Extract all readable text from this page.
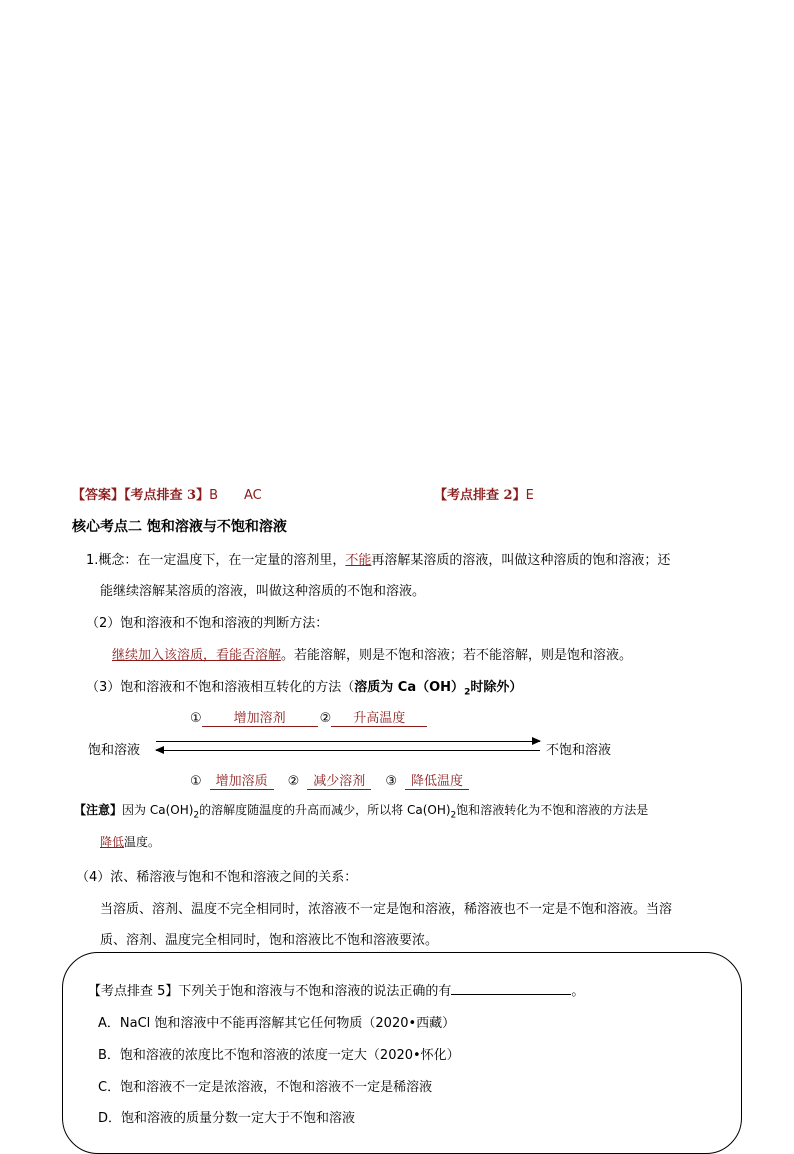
【答案】【考点排查 3】B AC	【考点排查 2】E
核心考点二 饱和溶液与不饱和溶液
1.概念：在一定温度下，在一定量的溶剂里，不能再溶解某溶质的溶液，叫做这种溶质的饱和溶液；还
能继续溶解某溶质的溶液，叫做这种溶质的不饱和溶液。
（2）饱和溶液和不饱和溶液的判断方法：
继续加入该溶质，看能否溶解。若能溶解，则是不饱和溶液；若不能溶解，则是饱和溶液。
（3）饱和溶液和不饱和溶液相互转化的方法（溶质为 $Ca(OH)_2$时除外）
① 增加溶剂	② 升高温度
饱和溶液	不饱和溶液
① 增加溶质 ② 减少溶剂 ③ 降低温度
【注意】因为 $Ca(OH)_2$的溶解度随温度的升高而减少，所以将 $Ca(OH)_2$饱和溶液转化为不饱和溶液的方法是
降低温度。
（4）浓、稀溶液与饱和不饱和溶液之间的关系：
当溶质、溶剂、温度不完全相同时，浓溶液不一定是饱和溶液，稀溶液也不一定是不饱和溶液。当溶
质、溶剂、温度完全相同时，饱和溶液比不饱和溶液要浓。
【考点排查 5】下列关于饱和溶液与不饱和溶液的说法正确的有	。
A．NaCl 饱和溶液中不能再溶解其它任何物质（2020•西藏）
B．饱和溶液的浓度比不饱和溶液的浓度一定大（2020•怀化）
C．饱和溶液不一定是浓溶液，不饱和溶液不一定是稀溶液
D．饱和溶液的质量分数一定大于不饱和溶液
